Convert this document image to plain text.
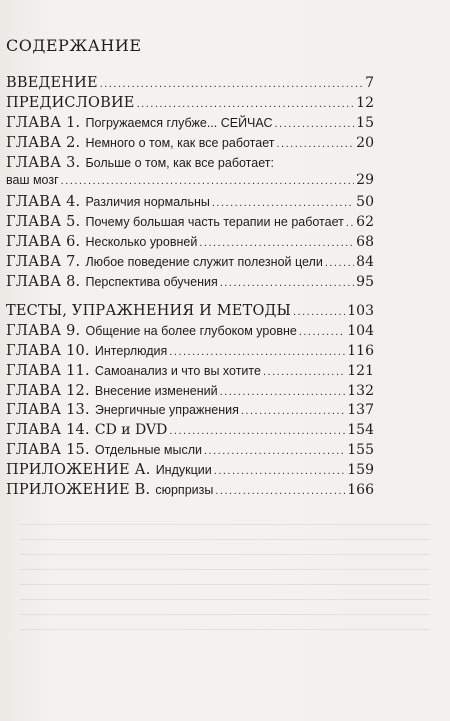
СОДЕРЖАНИЕ
ВВЕДЕНИЕ .....	7
ПРЕДИСЛОВИЕ .....	12
ГЛАВА 1. Погружаемся глубже... СЕЙЧАС .....	15
ГЛАВА 2. Немного о том, как все работает .....	20
ГЛАВА 3. Больше о том, как все работает:
ваш мозг .....	29
ГЛАВА 4. Различия нормальны .....	50
ГЛАВА 5. Почему большая часть терапии не работает ..... 62
ГЛАВА 6. Несколько уровней .....	68
ГЛАВА 7. Любое поведение служит полезной цели ..... 84
ГЛАВА 8. Перспектива обучения .....	95
ТЕСТЫ, УПРАЖНЕНИЯ И МЕТОДЫ .....	103
ГЛАВА 9. Общение на более глубоком уровне .....	104
ГЛАВА 10. Интерлюдия .....	116
ГЛАВА 11. Самоанализ и что вы хотите .....	121
ГЛАВА 12. Внесение изменений .....	132
ГЛАВА 13. Энергичные упражнения .....	137
ГЛАВА 14. CD и DVD .....	154
ГЛАВА 15. Отдельные мысли .....	155
ПРИЛОЖЕНИЕ А. Индукции .....	159
ПРИЛОЖЕНИЕ В. сюрпризы .....	166
